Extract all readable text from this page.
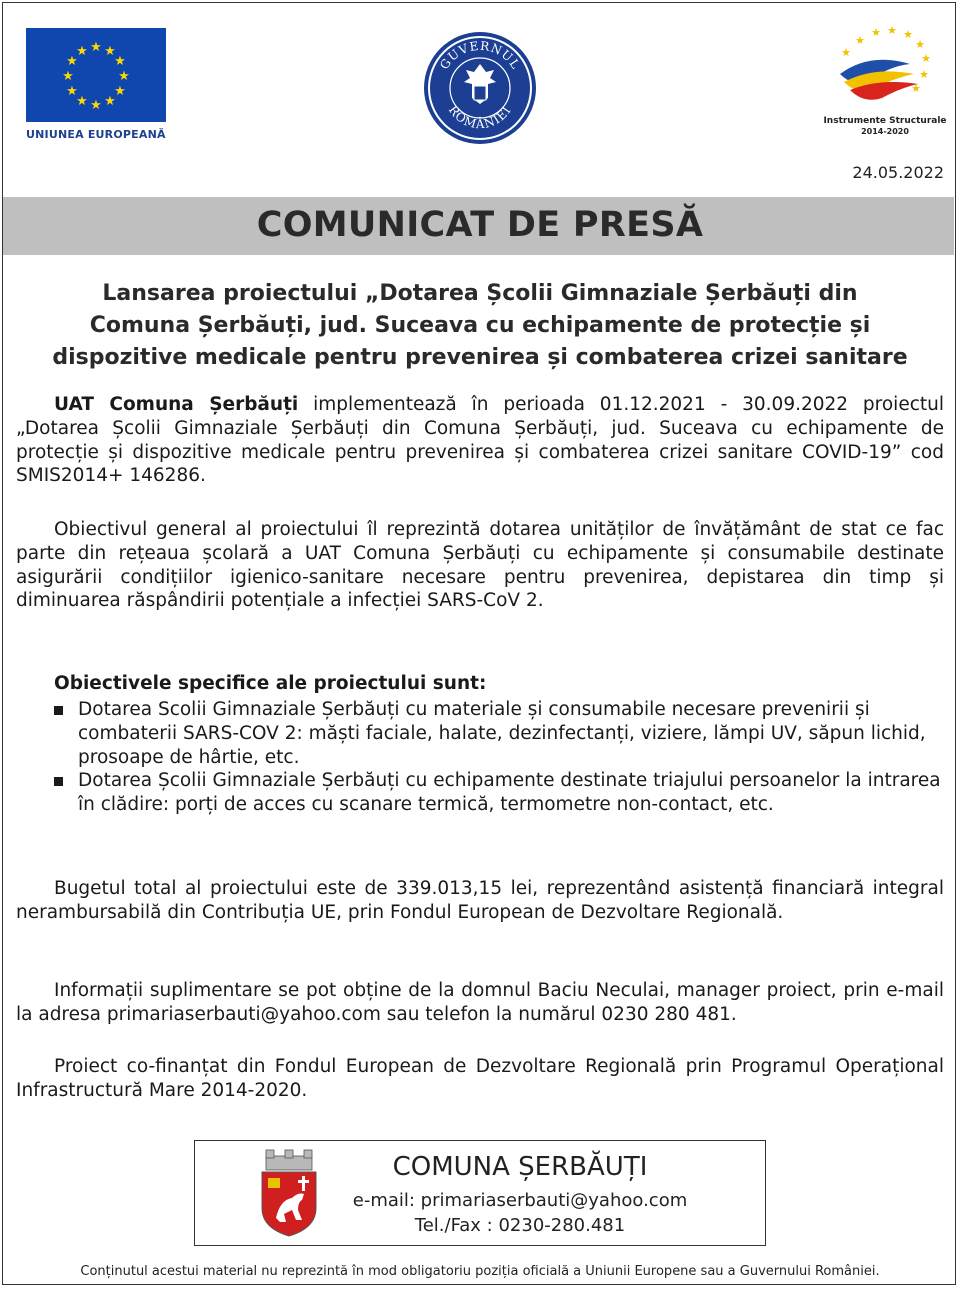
★ ★
★
★
★
★
★
★
★
★
★
★
UNIUNEA EUROPEANĂ
GUVERNUL
ROMÂNIEI
★
★ ★ ★
★
★
★
★
★
Instrumente Structurale
2014-2020
24.05.2022
COMUNICAT DE PRESĂ
Lansarea proiectului „Dotarea Școlii Gimnaziale Șerbăuți din
Comuna Șerbăuți, jud. Suceava cu echipamente de protecție și
dispozitive medicale pentru prevenirea și combaterea crizei sanitare
UAT Comuna Șerbăuți implementează în perioada 01.12.2021 - 30.09.2022 proiectul „Dotarea Școlii Gimnaziale Șerbăuți din Comuna Șerbăuți, jud. Suceava cu echipamente de protecție și dispozitive medicale pentru prevenirea și combaterea crizei sanitare COVID-19” cod SMIS2014+ 146286.
Obiectivul general al proiectului îl reprezintă dotarea unităților de învățământ de stat ce fac parte din rețeaua școlară a UAT Comuna Șerbăuți cu echipamente și consumabile destinate asigurării condițiilor igienico-sanitare necesare pentru prevenirea, depistarea din timp și diminuarea răspândirii potențiale a infecției SARS-CoV 2.
Obiectivele specifice ale proiectului sunt:
Dotarea Scolii Gimnaziale Șerbăuți cu materiale și consumabile necesare prevenirii și combaterii SARS-COV 2: măști faciale, halate, dezinfectanți, viziere, lămpi UV, săpun lichid, prosoape de hârtie, etc.
Dotarea Școlii Gimnaziale Șerbăuți cu echipamente destinate triajului persoanelor la intrarea în clădire: porți de acces cu scanare termică, termometre non-contact, etc.
Bugetul total al proiectului este de 339.013,15 lei, reprezentând asistență financiară integral nerambursabilă din Contribuția UE, prin Fondul European de Dezvoltare Regională.
Informații suplimentare se pot obține de la domnul Baciu Neculai, manager proiect, prin e-mail la adresa primariaserbauti@yahoo.com sau telefon la numărul 0230 280 481.
Proiect co-finanțat din Fondul European de Dezvoltare Regională prin Programul Operațional Infrastructură Mare 2014-2020.
COMUNA ȘERBĂUȚI
e-mail: primariaserbauti@yahoo.com
Tel./Fax : 0230-280.481
Conținutul acestui material nu reprezintă în mod obligatoriu poziția oficială a Uniunii Europene sau a Guvernului României.
